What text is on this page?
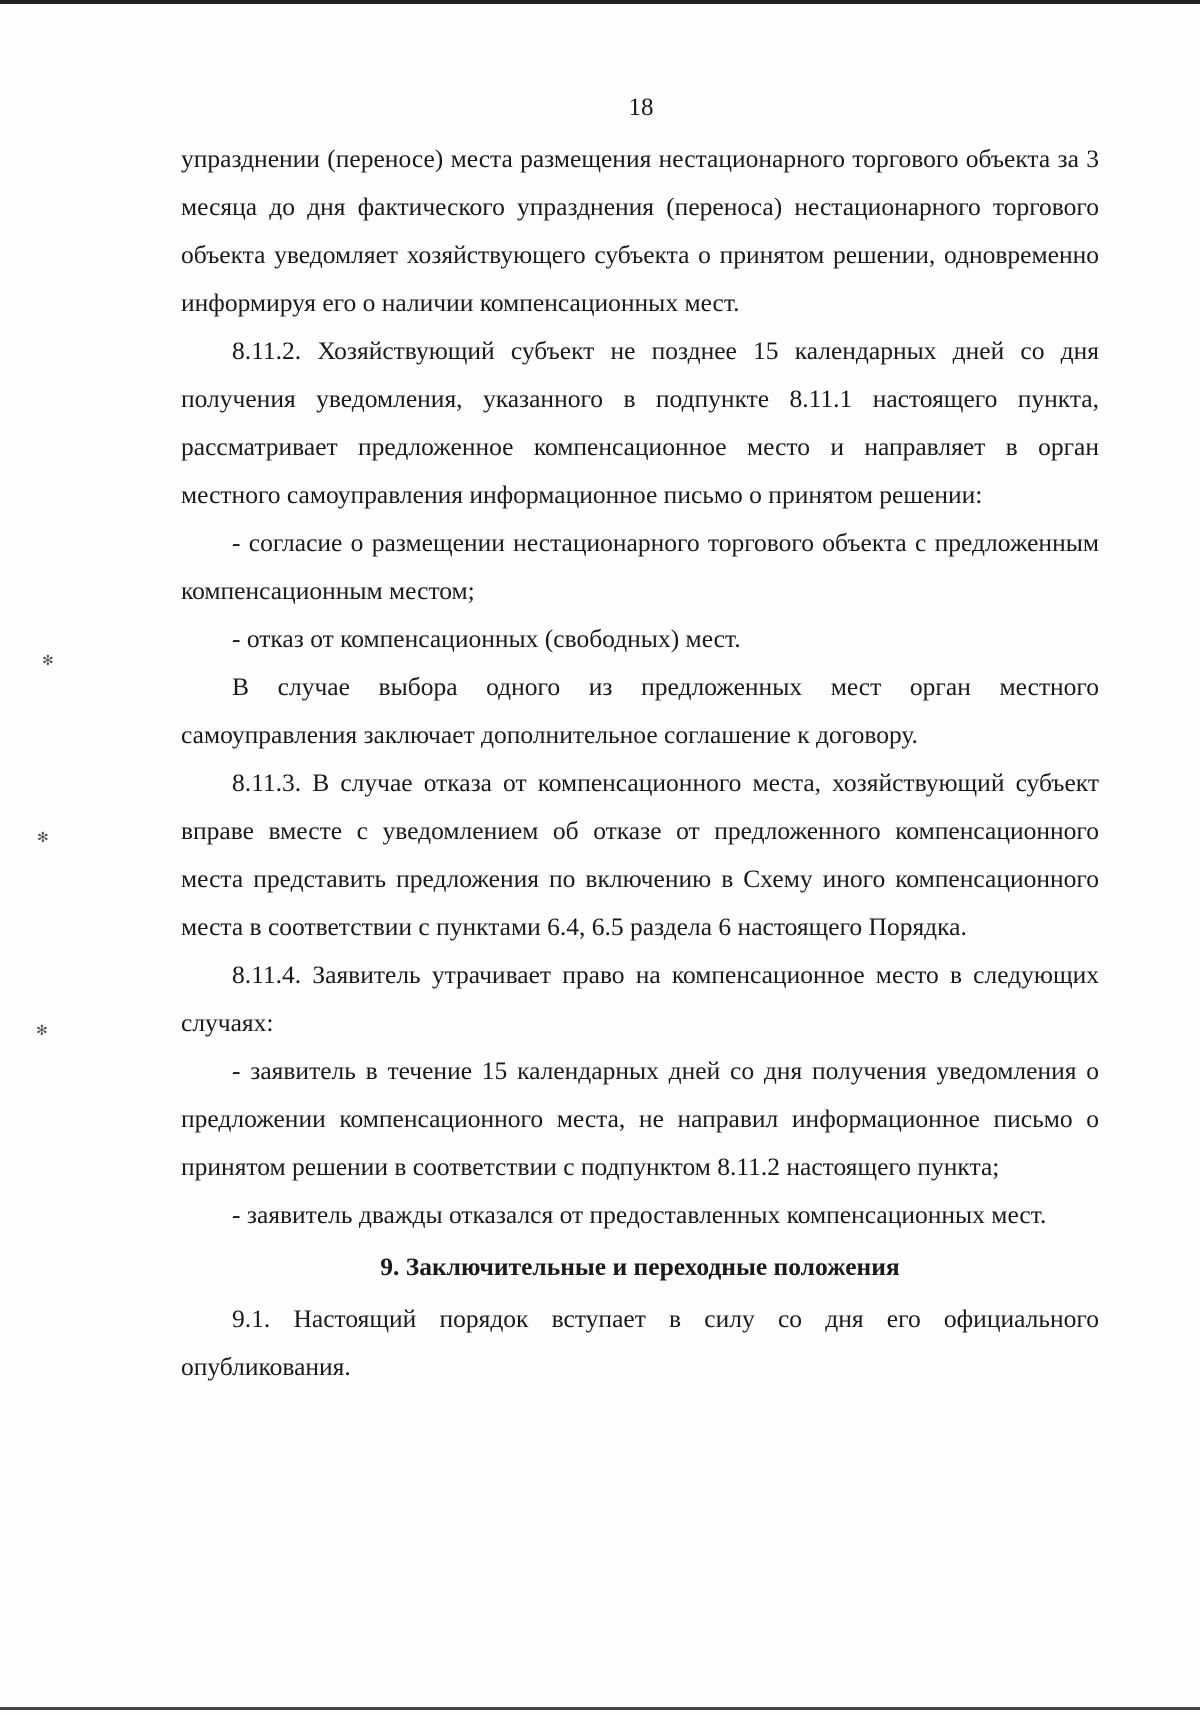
18

упразднении (переносе) места размещения нестационарного торгового объекта за 3 месяца до дня фактического упразднения (переноса) нестационарного торгового объекта уведомляет хозяйствующего субъекта о принятом решении, одновременно информируя его о наличии компенсационных мест.

8.11.2. Хозяйствующий субъект не позднее 15 календарных дней со дня получения уведомления, указанного в подпункте 8.11.1 настоящего пункта, рассматривает предложенное компенсационное место и направляет в орган местного самоуправления информационное письмо о принятом решении:

- согласие о размещении нестационарного торгового объекта с предложенным компенсационным местом;

- отказ от компенсационных (свободных) мест.

В случае выбора одного из предложенных мест орган местного самоуправления заключает дополнительное соглашение к договору.

8.11.3. В случае отказа от компенсационного места, хозяйствующий субъект вправе вместе с уведомлением об отказе от предложенного компенсационного места представить предложения по включению в Схему иного компенсационного места в соответствии с пунктами 6.4, 6.5 раздела 6 настоящего Порядка.

8.11.4. Заявитель утрачивает право на компенсационное место в следующих случаях:

- заявитель в течение 15 календарных дней со дня получения уведомления о предложении компенсационного места, не направил информационное письмо о принятом решении в соответствии с подпунктом 8.11.2 настоящего пункта;

- заявитель дважды отказался от предоставленных компенсационных мест.

9. Заключительные и переходные положения

9.1. Настоящий порядок вступает в силу со дня его официального опубликования.

✻
✻
✻
